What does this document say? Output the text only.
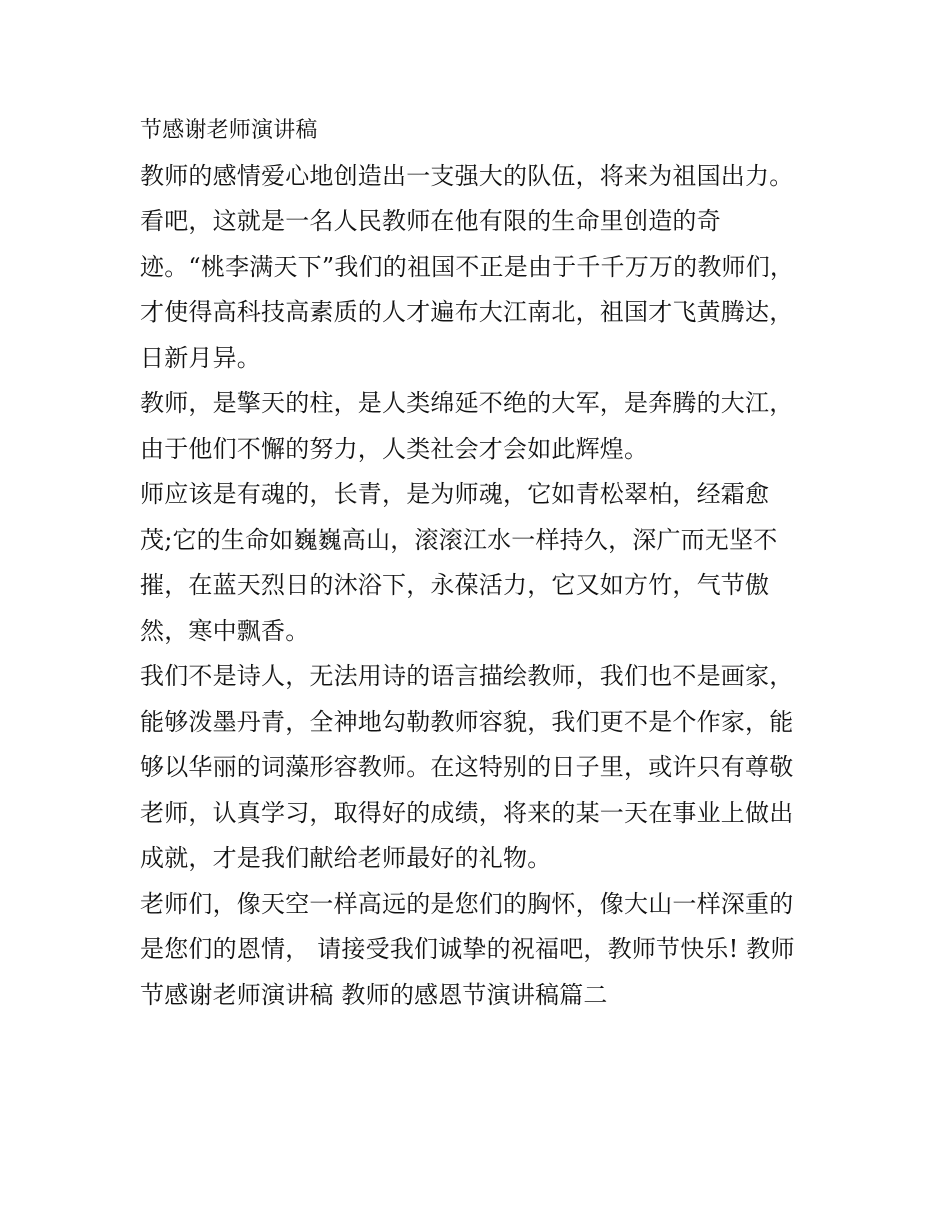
节感谢老师演讲稿
教师的感情爱心地创造出一支强大的队伍，将来为祖国出力。
看吧，这就是一名人民教师在他有限的生命里创造的奇
迹。“桃李满天下”我们的祖国不正是由于千千万万的教师们，
才使得高科技高素质的人才遍布大江南北，祖国才飞黄腾达，
日新月异。
教师，是擎天的柱，是人类绵延不绝的大军，是奔腾的大江，
由于他们不懈的努力，人类社会才会如此辉煌。
师应该是有魂的，长青，是为师魂，它如青松翠柏，经霜愈
茂;它的生命如巍巍高山，滚滚江水一样持久，深广而无坚不
摧，在蓝天烈日的沐浴下，永葆活力，它又如方竹，气节傲
然，寒中飘香。
我们不是诗人，无法用诗的语言描绘教师，我们也不是画家，
能够泼墨丹青，全神地勾勒教师容貌，我们更不是个作家，能
够以华丽的词藻形容教师。在这特别的日子里，或许只有尊敬
老师，认真学习，取得好的成绩，将来的某一天在事业上做出
成就，才是我们献给老师最好的礼物。
老师们，像天空一样高远的是您们的胸怀，像大山一样深重的
是您们的恩情， 请接受我们诚挚的祝福吧，教师节快乐! 教师
节感谢老师演讲稿 教师的感恩节演讲稿篇二
